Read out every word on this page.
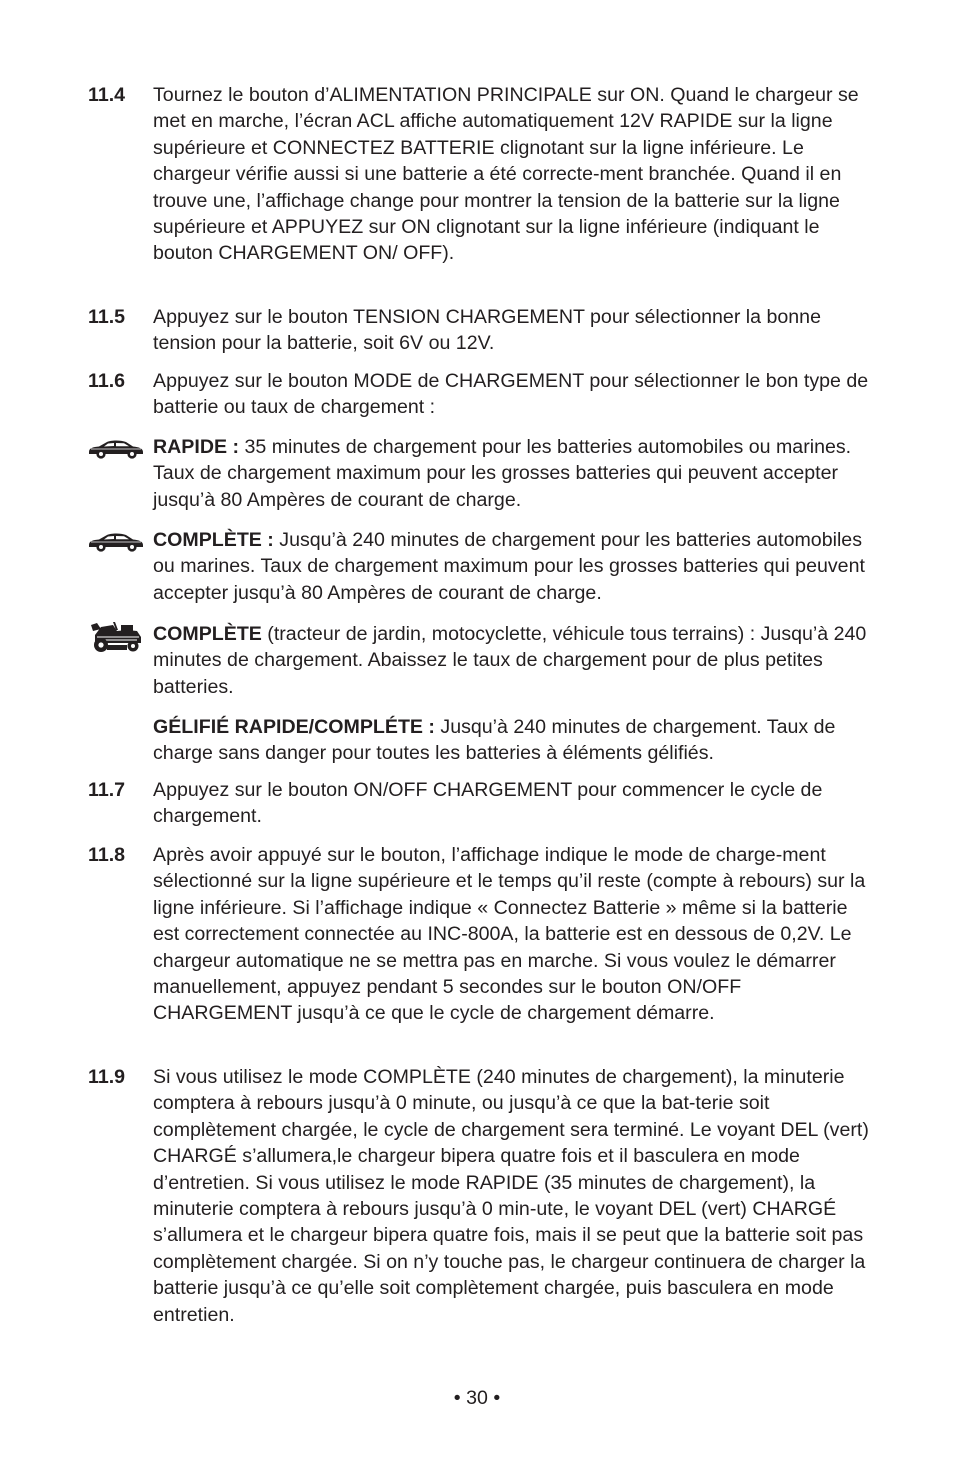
11.4	Tournez le bouton d’ALIMENTATION PRINCIPALE sur ON. Quand le chargeur se met en marche, l’écran ACL affiche automatiquement 12V RAPIDE sur la ligne supérieure et CONNECTEZ BATTERIE clignotant sur la ligne inférieure. Le chargeur vérifie aussi si une batterie a été correcte-ment branchée. Quand il en trouve une, l’affichage change pour montrer la tension de la batterie sur la ligne supérieure et APPUYEZ sur ON clignotant sur la ligne inférieure (indiquant le bouton CHARGEMENT ON/ OFF).
11.5	Appuyez sur le bouton TENSION CHARGEMENT pour sélectionner la bonne tension pour la batterie, soit 6V ou 12V.
11.6	Appuyez sur le bouton MODE de CHARGEMENT pour sélectionner le bon type de batterie ou taux de chargement :
RAPIDE : 35 minutes de chargement pour les batteries automobiles ou marines. Taux de chargement maximum pour les grosses batteries qui peuvent accepter jusqu’à 80 Ampères de courant de charge.
COMPLÈTE : Jusqu’à 240 minutes de chargement pour les batteries automobiles ou marines. Taux de chargement maximum pour les grosses batteries qui peuvent accepter jusqu’à 80 Ampères de courant de charge.
COMPLÈTE (tracteur de jardin, motocyclette, véhicule tous terrains) : Jusqu’à 240 minutes de chargement. Abaissez le taux de chargement pour de plus petites batteries.
GÉLIFIÉ RAPIDE/COMPLÉTE : Jusqu’à 240 minutes de chargement. Taux de charge sans danger pour toutes les batteries à éléments gélifiés.
11.7	Appuyez sur le bouton ON/OFF CHARGEMENT pour commencer le cycle de chargement.
11.8	Après avoir appuyé sur le bouton, l’affichage indique le mode de charge-ment sélectionné sur la ligne supérieure et le temps qu’il reste (compte à rebours) sur la ligne inférieure. Si l’affichage indique « Connectez Batterie » même si la batterie est correctement connectée au INC-800A, la batterie est en dessous de 0,2V. Le chargeur automatique ne se mettra pas en marche. Si vous voulez le démarrer manuellement, appuyez pendant 5 secondes sur le bouton ON/OFF CHARGEMENT jusqu’à ce que le cycle de chargement démarre.
11.9	Si vous utilisez le mode COMPLÈTE (240 minutes de chargement), la minuterie comptera à rebours jusqu’à 0 minute, ou jusqu’à ce que la bat-terie soit complètement chargée, le cycle de chargement sera terminé. Le voyant DEL (vert) CHARGÉ s’allumera,le chargeur bipera quatre fois et il basculera en mode d’entretien. Si vous utilisez le mode RAPIDE (35 minutes de chargement), la minuterie comptera à rebours jusqu’à 0 min-ute, le voyant DEL (vert) CHARGÉ s’allumera et le chargeur bipera quatre fois, mais il se peut que la batterie soit pas complètement chargée. Si on n’y touche pas, le chargeur continuera de charger la batterie jusqu’à ce qu’elle soit complètement chargée, puis basculera en mode entretien.
• 30 •
